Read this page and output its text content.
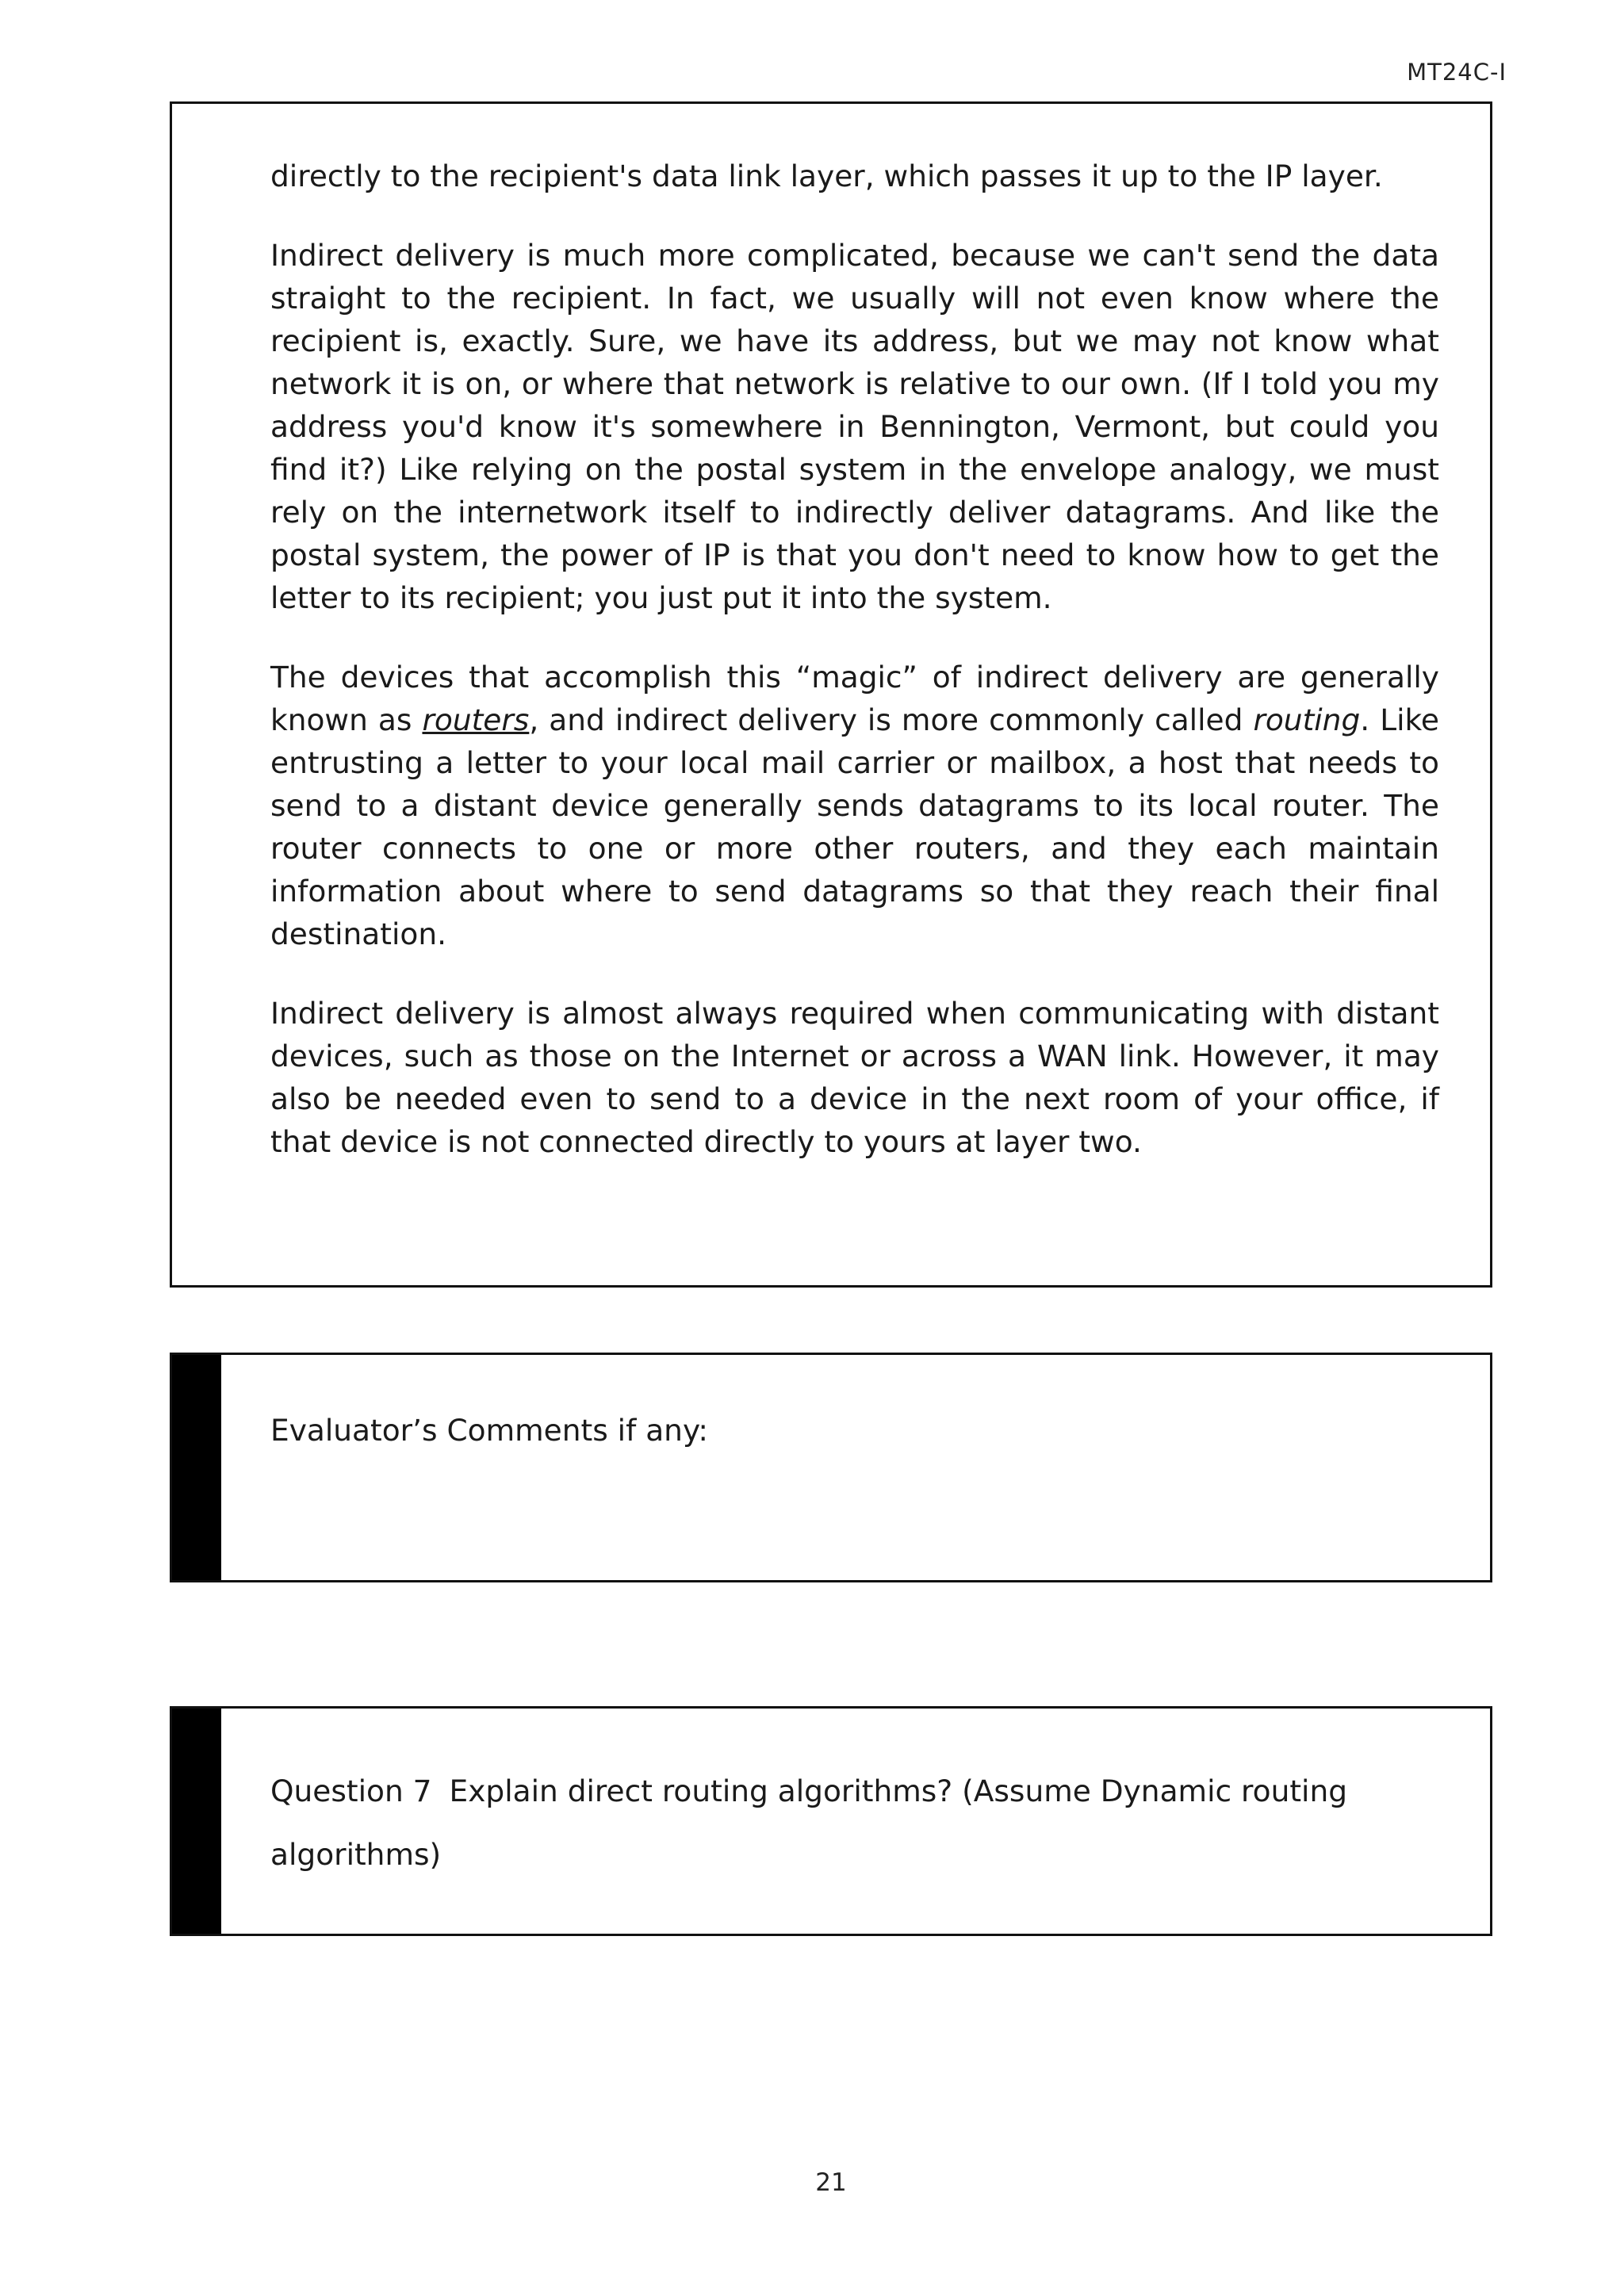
MT24C-I

directly to the recipient's data link layer, which passes it up to the IP layer.

Indirect delivery is much more complicated, because we can't send the data straight to the recipient. In fact, we usually will not even know where the recipient is, exactly. Sure, we have its address, but we may not know what network it is on, or where that network is relative to our own. (If I told you my address you'd know it's somewhere in Bennington, Vermont, but could you find it?) Like relying on the postal system in the envelope analogy, we must rely on the internetwork itself to indirectly deliver datagrams. And like the postal system, the power of IP is that you don't need to know how to get the letter to its recipient; you just put it into the system.

The devices that accomplish this “magic” of indirect delivery are generally known as routers, and indirect delivery is more commonly called routing. Like entrusting a letter to your local mail carrier or mailbox, a host that needs to send to a distant device generally sends datagrams to its local router. The router connects to one or more other routers, and they each maintain information about where to send datagrams so that they reach their final destination.

Indirect delivery is almost always required when communicating with distant devices, such as those on the Internet or across a WAN link. However, it may also be needed even to send to a device in the next room of your office, if that device is not connected directly to yours at layer two.

Evaluator’s Comments if any:
Question 7 Explain direct routing algorithms? (Assume Dynamic routing algorithms)
21
